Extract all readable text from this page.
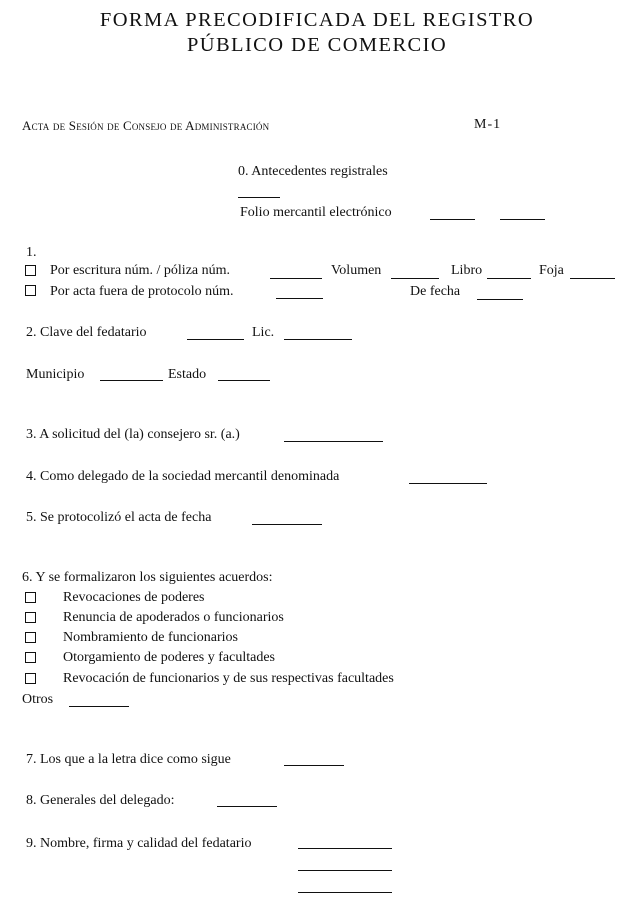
FORMA PRECODIFICADA DEL REGISTRO
PÚBLICO DE COMERCIO
Acta de Sesión de Consejo de Administración	M-1
0. Antecedentes registrales
Folio mercantil electrónico
1.
Por escritura núm. / póliza núm.	Volumen	Libro	Foja
Por acta fuera de protocolo núm.	De fecha
2. Clave del fedatario	Lic.
Municipio	Estado
3. A solicitud del (la) consejero sr. (a.)
4. Como delegado de la sociedad mercantil denominada
5. Se protocolizó el acta de fecha
6. Y se formalizaron los siguientes acuerdos:
Revocaciones de poderes
Renuncia de apoderados o funcionarios
Nombramiento de funcionarios
Otorgamiento de poderes y facultades
Revocación de funcionarios y de sus respectivas facultades
Otros
7. Los que a la letra dice como sigue
8. Generales del delegado:
9. Nombre, firma y calidad del fedatario
